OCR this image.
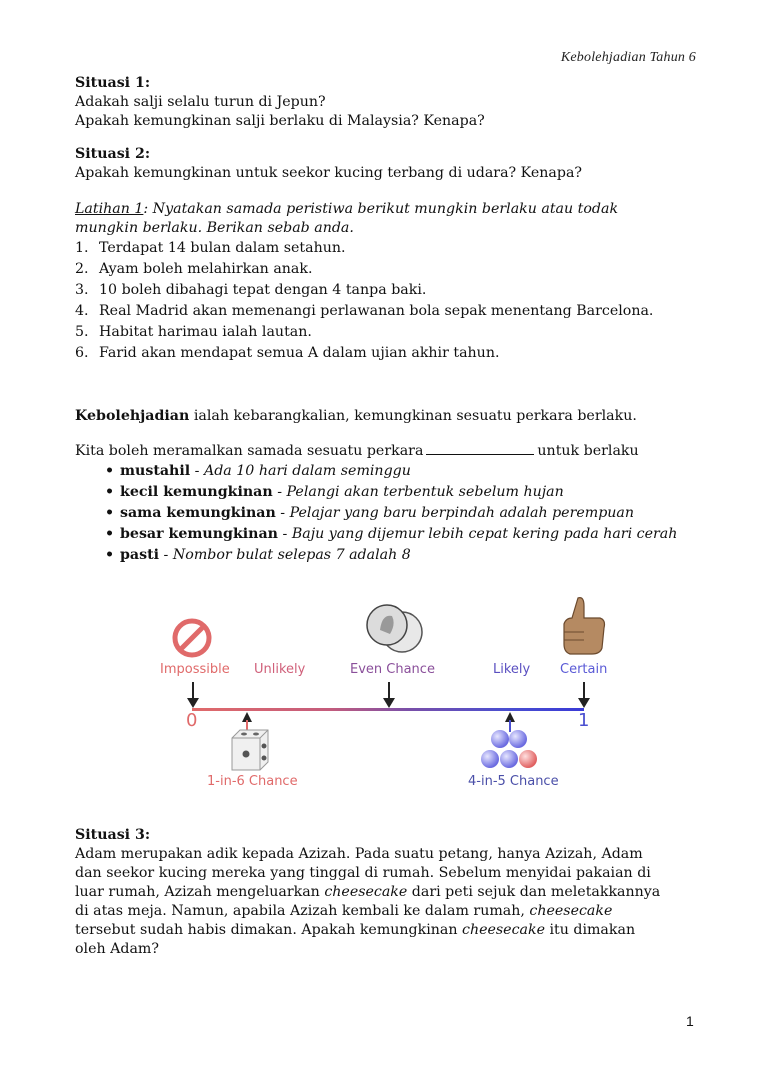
Kebolehjadian Tahun 6
Situasi 1:
Adakah salji selalu turun di Jepun?
Apakah kemungkinan salji berlaku di Malaysia? Kenapa?
Situasi 2:
Apakah kemungkinan untuk seekor kucing terbang di udara? Kenapa?
Latihan 1: Nyatakan samada peristiwa berikut mungkin berlaku atau todak
mungkin berlaku. Berikan sebab anda.
1. Terdapat 14 bulan dalam setahun.
2. Ayam boleh melahirkan anak.
3. 10 boleh dibahagi tepat dengan 4 tanpa baki.
4. Real Madrid akan memenangi perlawanan bola sepak menentang Barcelona.
5. Habitat harimau ialah lautan.
6. Farid akan mendapat semua A dalam ujian akhir tahun.
Kebolehjadian ialah kebarangkalian, kemungkinan sesuatu perkara berlaku.
Kita boleh meramalkan samada sesuatu perkara	untuk berlaku
• mustahil - Ada 10 hari dalam seminggu
• kecil kemungkinan - Pelangi akan terbentuk sebelum hujan
• sama kemungkinan - Pelajar yang baru berpindah adalah perempuan
• besar kemungkinan - Baju yang dijemur lebih cepat kering pada hari cerah
• pasti - Nombor bulat selepas 7 adalah 8
Impossible Unlikely	Even Chance	Likely Certain
0	1
1-in-6 Chance	4-in-5 Chance
Situasi 3:
Adam merupakan adik kepada Azizah. Pada suatu petang, hanya Azizah, Adam
dan seekor kucing mereka yang tinggal di rumah. Sebelum menyidai pakaian di
luar rumah, Azizah mengeluarkan cheesecake dari peti sejuk dan meletakkannya
di atas meja. Namun, apabila Azizah kembali ke dalam rumah, cheesecake
tersebut sudah habis dimakan. Apakah kemungkinan cheesecake itu dimakan
oleh Adam?
1
